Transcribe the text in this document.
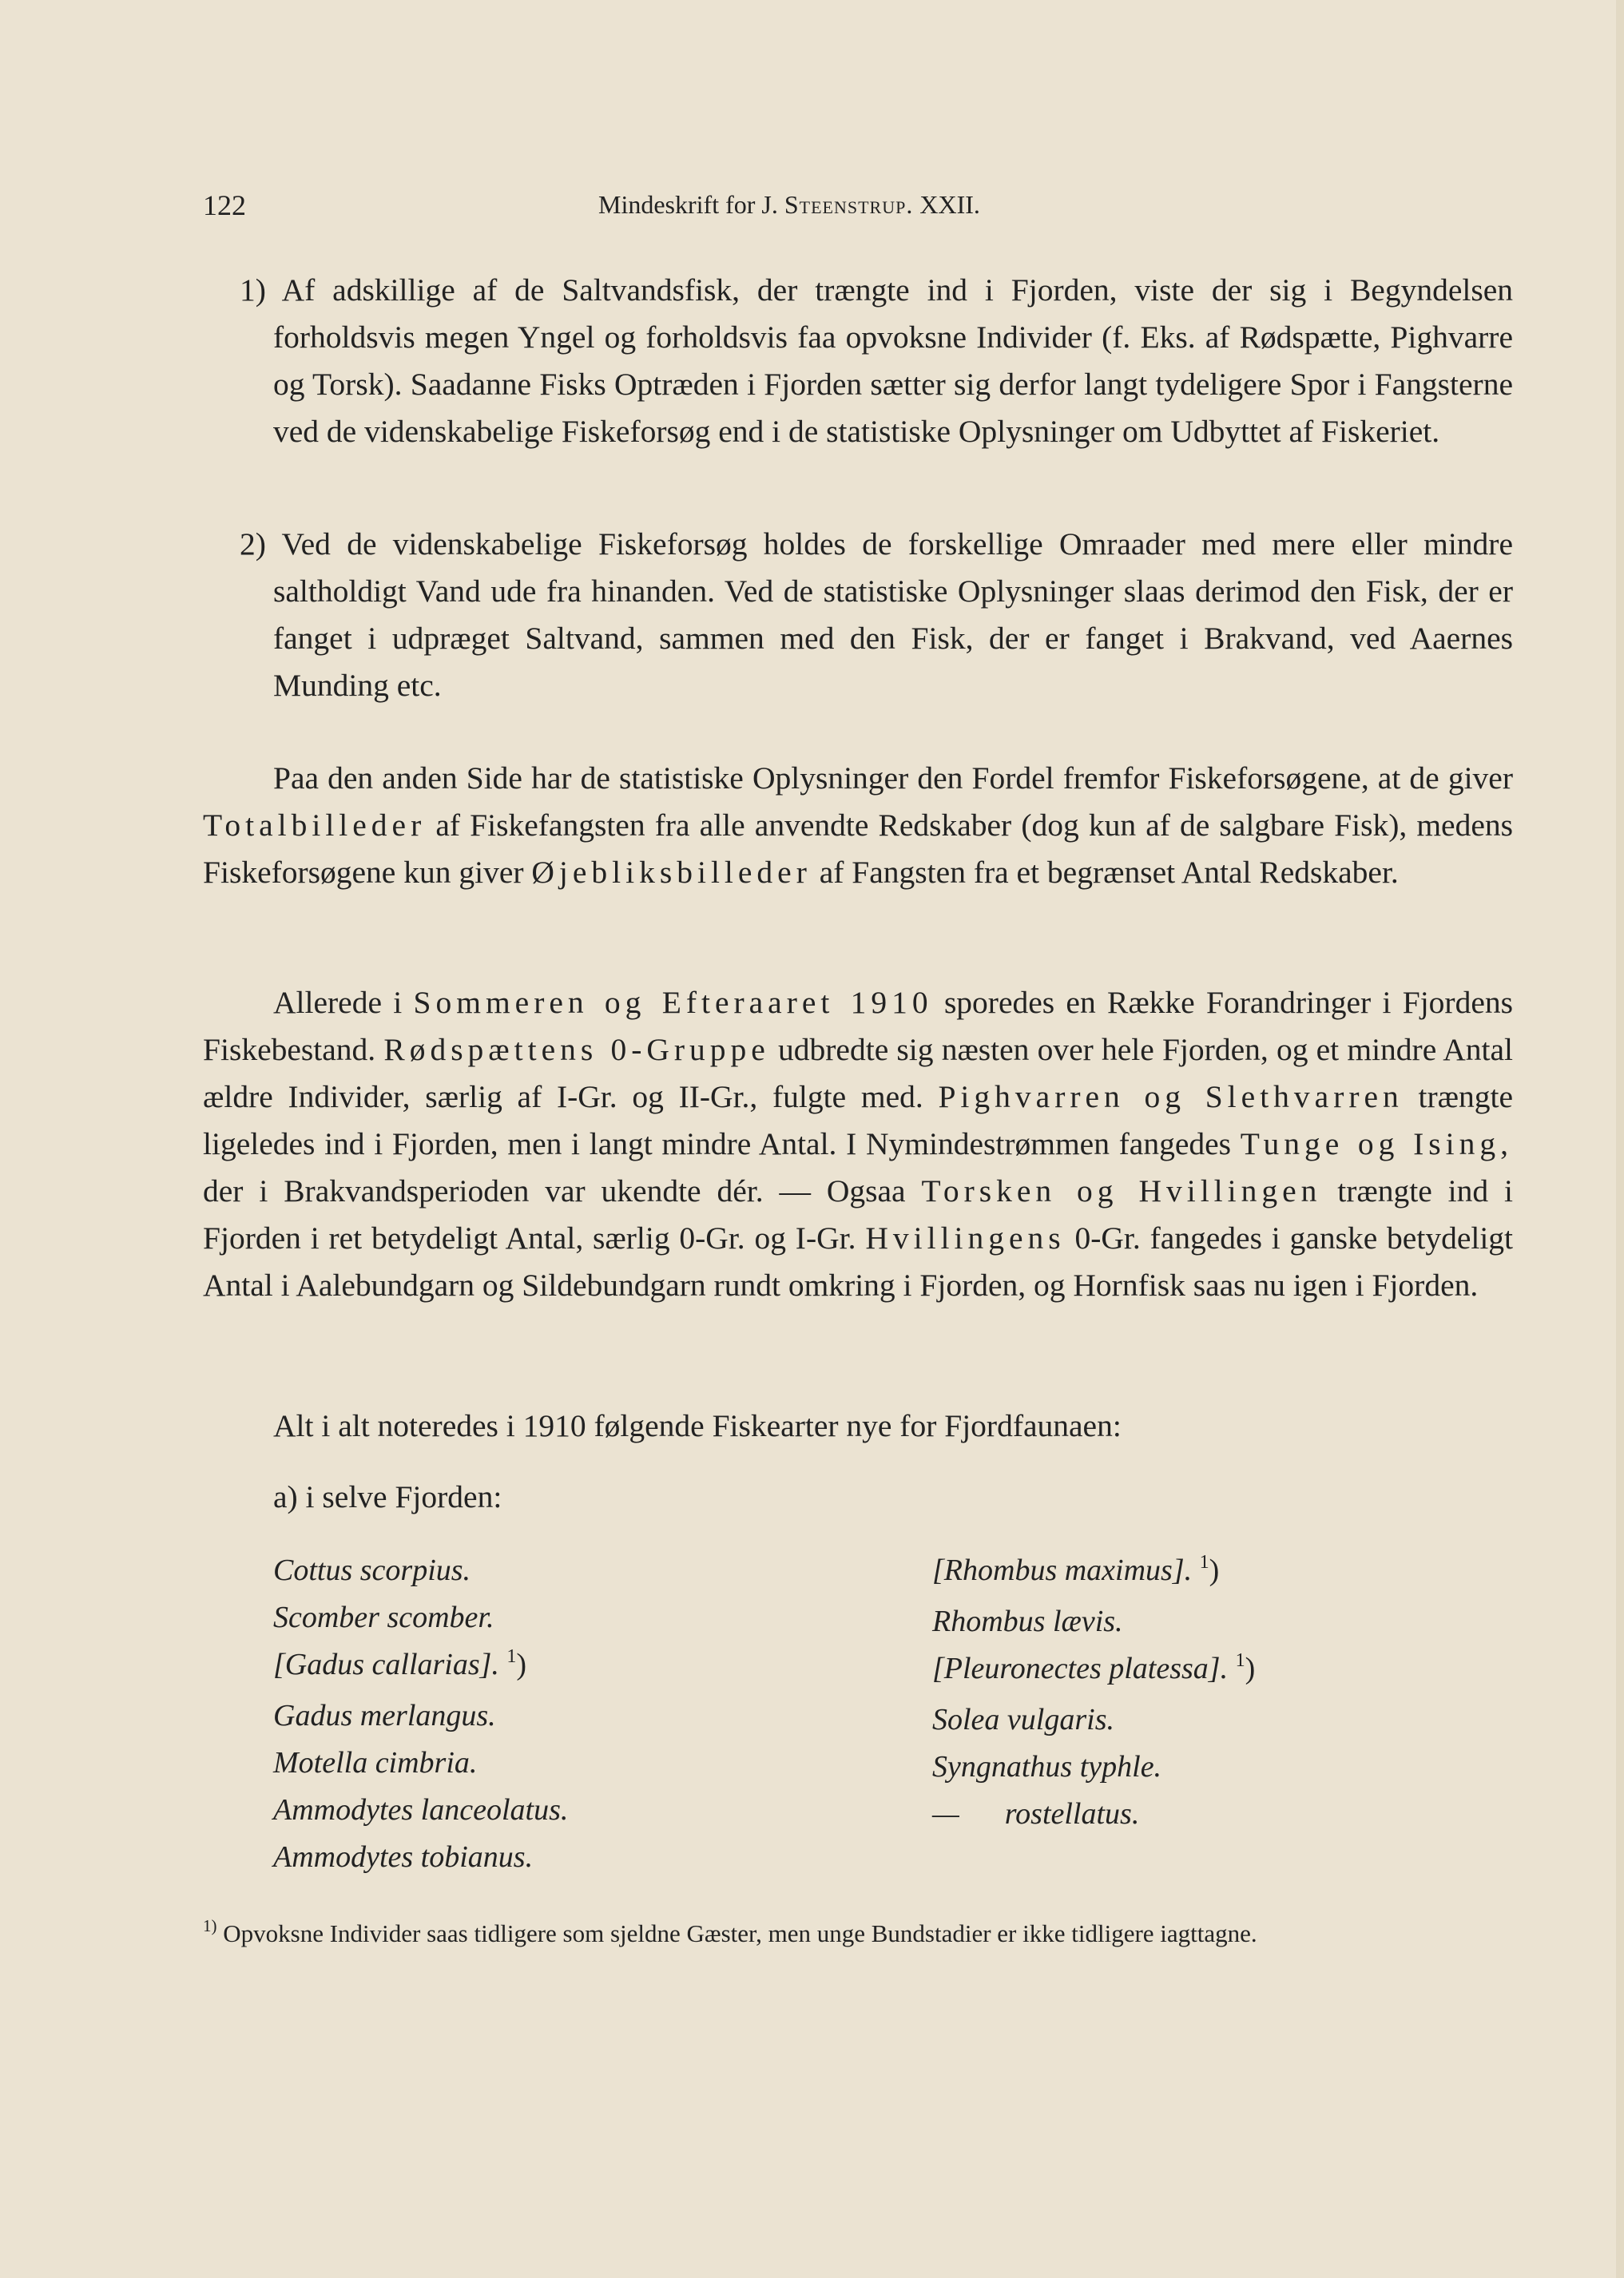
122	Mindeskrift for J. Steenstrup. XXII.

1) Af adskillige af de Saltvandsfisk, der trængte ind i Fjorden, viste der sig i Begyndelsen forholdsvis megen Yngel og forholdsvis faa opvoksne Individer (f. Eks. af Rødspætte, Pighvarre og Torsk). Saadanne Fisks Optræden i Fjorden sætter sig derfor langt tydeligere Spor i Fangsterne ved de videnskabelige Fiskeforsøg end i de statistiske Oplysninger om Udbyttet af Fiskeriet.

2) Ved de videnskabelige Fiskeforsøg holdes de forskellige Omraader med mere eller mindre saltholdigt Vand ude fra hinanden. Ved de statistiske Oplysninger slaas derimod den Fisk, der er fanget i udpræget Saltvand, sammen med den Fisk, der er fanget i Brakvand, ved Aaernes Munding etc.

Paa den anden Side har de statistiske Oplysninger den Fordel fremfor Fiskeforsøgene, at de giver Totalbilleder af Fiskefangsten fra alle anvendte Redskaber (dog kun af de salgbare Fisk), medens Fiskeforsøgene kun giver Øjebliksbilleder af Fangsten fra et begrænset Antal Redskaber.

Allerede i Sommeren og Efteraaret 1910 sporedes en Række Forandringer i Fjordens Fiskebestand. Rødspættens 0-Gruppe udbredte sig næsten over hele Fjorden, og et mindre Antal ældre Individer, særlig af I-Gr. og II-Gr., fulgte med. Pighvarren og Slethvarren trængte ligeledes ind i Fjorden, men i langt mindre Antal. I Nymindestrømmen fangedes Tunge og Ising, der i Brakvandsperioden var ukendte dér. — Ogsaa Torsken og Hvillingen trængte ind i Fjorden i ret betydeligt Antal, særlig 0-Gr. og I-Gr. Hvillingens 0-Gr. fangedes i ganske betydeligt Antal i Aalebundgarn og Sildebundgarn rundt omkring i Fjorden, og Hornfisk saas nu igen i Fjorden.

Alt i alt noteredes i 1910 følgende Fiskearter nye for Fjordfaunaen:

a) i selve Fjorden:

Cottus scorpius.
Scomber scomber.
[Gadus callarias]. $^1$)
Gadus merlangus.
Motella cimbria.
Ammodytes lanceolatus.
Ammodytes tobianus.
[Rhombus maximus]. $^1$)
Rhombus lævis.
[Pleuronectes platessa]. $^1$)
Solea vulgaris.
Syngnathus typhle.
—      rostellatus.
$^{1)}$ Opvoksne Individer saas tidligere som sjeldne Gæster, men unge Bundstadier er ikke tidligere iagttagne.
